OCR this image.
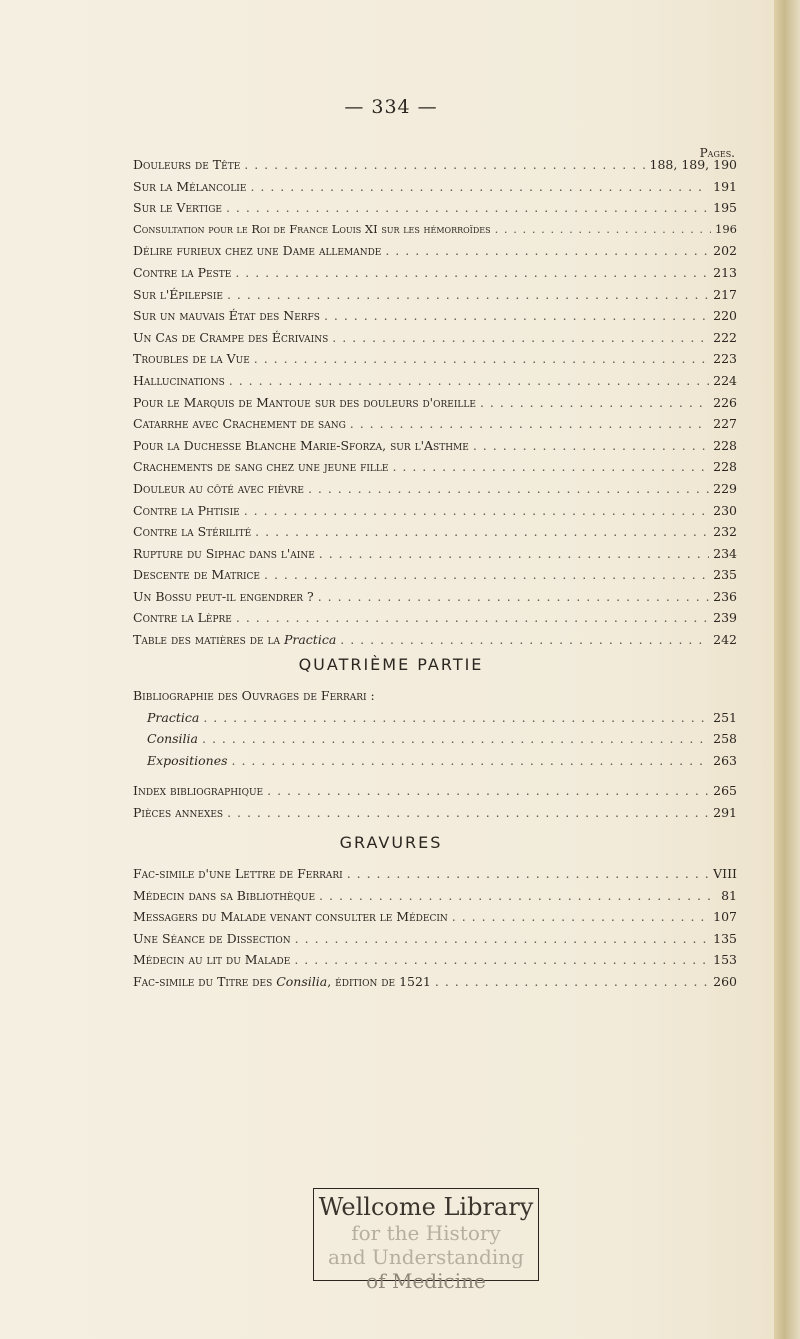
— 334 —
Pages.
Douleurs de Tête . . .	188, 189, 190
Sur la Mélancolie . . .	191
Sur le Vertige . . .	195
Consultation pour le Roi de France Louis XI sur les hémorroïdes . . .	196
Délire furieux chez une Dame allemande . . .	202
Contre la Peste . . .	213
Sur l'Épilepsie . . .	217
Sur un mauvais État des Nerfs . . .	220
Un Cas de Crampe des Écrivains . . .	222
Troubles de la Vue . . .	223
Hallucinations . . .	224
Pour le Marquis de Mantoue sur des douleurs d'oreille . . .	226
Catarrhe avec Crachement de sang . . .	227
Pour la Duchesse Blanche Marie-Sforza, sur l'Asthme . . .	228
Crachements de sang chez une jeune fille . . .	228
Douleur au côté avec fièvre . . .	229
Contre la Phtisie . . .	230
Contre la Stérilité . . .	232
Rupture du Siphac dans l'aine . . .	234
Descente de Matrice . . .	235
Un Bossu peut-il engendrer ? . . .	236
Contre la Lèpre . . .	239
Table des matières de la Practica . . .	242
QUATRIÈME PARTIE
Bibliographie des Ouvrages de Ferrari :
Practica . . .	251
Consilia . . .	258
Expositiones . . .	263
Index bibliographique . . .	265
Pièces annexes . . .	291
GRAVURES
Fac-simile d'une Lettre de Ferrari . . .	VIII
Médecin dans sa Bibliothèque . . .	81
Messagers du Malade venant consulter le Médecin . . .	107
Une Séance de Dissection . . .	135
Médecin au lit du Malade . . .	153
Fac-simile du Titre des Consilia, édition de 1521 . . .	260
Wellcome Library
for the History
and Understanding
of Medicine
